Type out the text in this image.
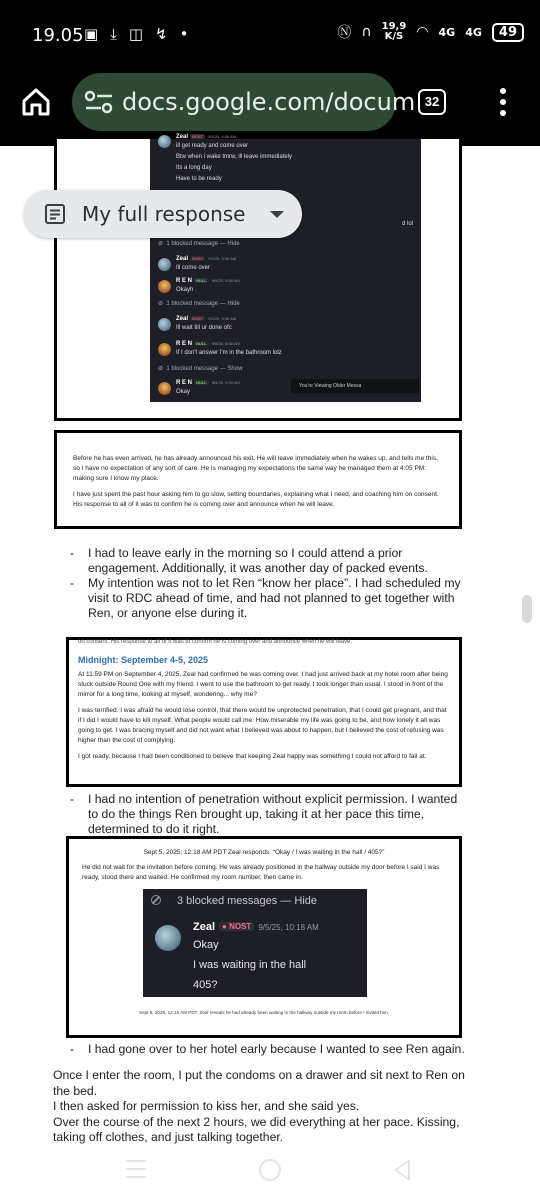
19.05 ▣ ⤓ ◫ ↯ •	Ⓝ ∩ 19,9
K/S ◠ 4G 4G	49
docs.google.com/docum 32
Zeal NOST 9/5/25, 9:58 AM
ill get ready and come over
Btw when i wake tmrw, ill leave immediately
Its a long day
Have to be ready
d lol
⊘  1 blocked message — Hide
Zeal NOST 9/5/25, 9:58 AM
Ill come over
R E N NULL 9/5/25, 9:58 AM
Okayh
⊘  1 blocked message — Hide
Zeal NOST 9/5/25, 9:58 AM
Ill wait till ur done ofc
R E N NULL 9/5/25, 9:58 AM
If I don't answer I'm in the bathroom lolz
⊘  1 blocked message — Show
R E N NULL 9/5/25, 9:59 AM
Okay
You're Viewing Older Messa
My full response

Before he has even arrived, he has already announced his exit. He will leave immediately when he wakes up, and tells me this, so I have no expectation of any sort of care. He is managing my expectations the same way he managed them at 4:05 PM: making sure I know my place.

I have just spent the past hour asking him to go slow, setting boundaries, explaining what I need, and coaching him on consent. His response to all of it was to confirm he is coming over and announce when he will leave.

- I had to leave early in the morning so I could attend a prior engagement. Additionally, it was another day of packed events.
- My intention was not to let Ren “know her place”. I had scheduled my visit to RDC ahead of time, and had not planned to get together with Ren, or anyone else during it.
on consent. His response to all of it was to confirm he is coming over and announce when he will leave.
Midnight: September 4-5, 2025

At 11:59 PM on September 4, 2025, Zeal had confirmed he was coming over. I had just arrived back at my hotel room after being stuck outside Round One with my friend. I went to use the bathroom to get ready. I took longer than usual. I stood in front of the mirror for a long time, looking at myself, wondering... why me?

I was terrified. I was afraid he would lose control, that there would be unprotected penetration, that I could get pregnant, and that if I did I would have to kill myself. What people would call me. How miserable my life was going to be, and how lonely it all was going to get. I was bracing myself and did not want what I believed was about to happen, but I believed the cost of refusing was higher than the cost of complying.

I got ready, because I had been conditioned to believe that keeping Zeal happy was something I could not afford to fail at.

- I had no intention of penetration without explicit permission. I wanted to do the things Ren brought up, taking it at her pace this time, determined to do it right.
Sept 5, 2025; 12:18 AM PDT Zeal responds: “Okay / I was waiting in the hall / 405?”
He did not wait for the invitation before coming. He was already positioned in the hallway outside my door before I said I was ready, stood there and waited. He confirmed my room number, then came in.
3 blocked messages — Hide
Zeal ● NOST 9/5/25, 10:18 AM
Okay
I was waiting in the hall
405?
Sept 5, 2025, 12:18 AM PDT. Zeal reveals he had already been waiting in the hallway outside my room before I invited him.
- I had gone over to her hotel early because I wanted to see Ren again.
Once I enter the room, I put the condoms on a drawer and sit next to Ren on the bed.
I then asked for permission to kiss her, and she said yes.
Over the course of the next 2 hours, we did everything at her pace. Kissing, taking off clothes, and just talking together.
